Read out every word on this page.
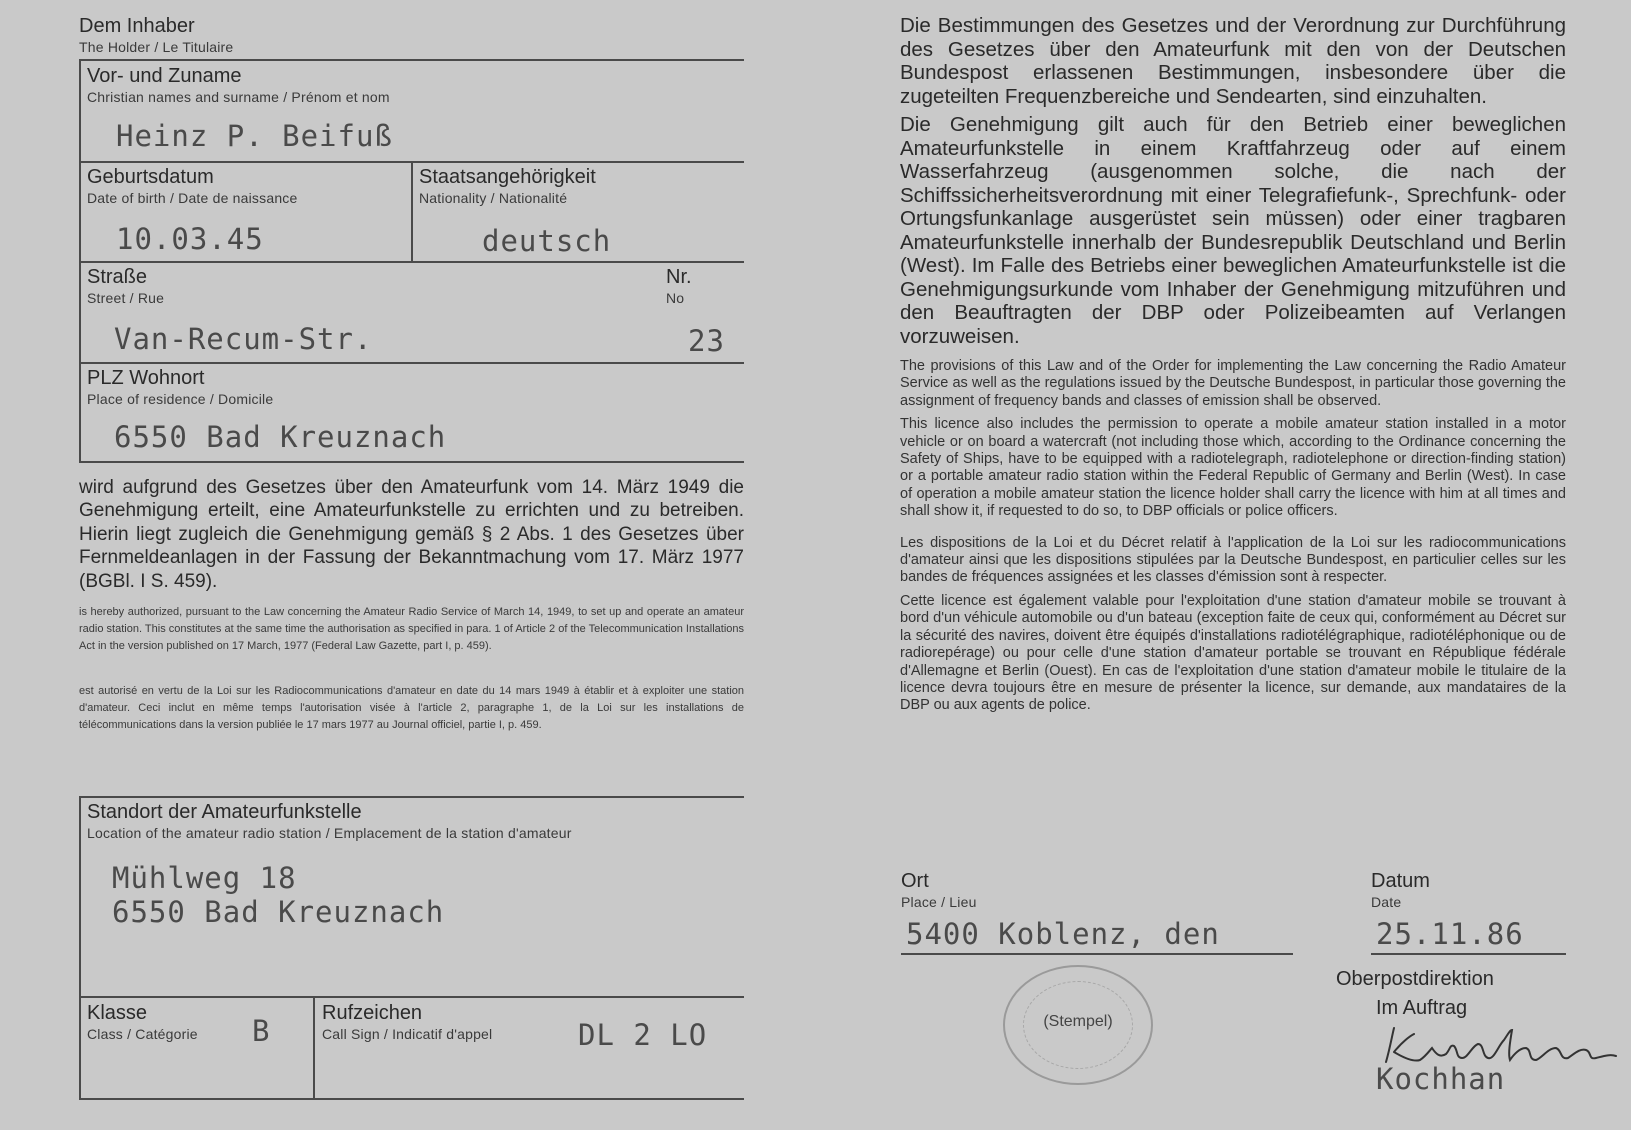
Dem Inhaber
The Holder / Le Titulaire
Vor- und Zuname
Christian names and surname / Prénom et nom
Heinz P. Beifuß
Geburtsdatum
Date of birth / Date de naissance
10.03.45
Staatsangehörigkeit
Nationality / Nationalité
deutsch
Straße
Street / Rue
Van-Recum-Str.
Nr.
No
23
PLZ Wohnort
Place of residence / Domicile
6550 Bad Kreuznach
wird aufgrund des Gesetzes über den Amateurfunk vom 14. März 1949 die Genehmigung erteilt, eine Amateurfunkstelle zu errichten und zu betreiben. Hierin liegt zugleich die Genehmigung gemäß § 2 Abs. 1 des Gesetzes über Fernmeldeanlagen in der Fassung der Bekanntmachung vom 17. März 1977 (BGBl. I S. 459).
is hereby authorized, pursuant to the Law concerning the Amateur Radio Service of March 14, 1949, to set up and operate an amateur radio station. This constitutes at the same time the authorisation as specified in para. 1 of Article 2 of the Telecommunication Installations Act in the version published on 17 March, 1977 (Federal Law Gazette, part I, p. 459).
est autorisé en vertu de la Loi sur les Radiocommunications d'amateur en date du 14 mars 1949 à établir et à exploiter une station d'amateur. Ceci inclut en même temps l'autorisation visée à l'article 2, paragraphe 1, de la Loi sur les installations de télécommunications dans la version publiée le 17 mars 1977 au Journal officiel, partie I, p. 459.
Standort der Amateurfunkstelle
Location of the amateur radio station / Emplacement de la station d'amateur
Mühlweg 18
6550 Bad Kreuznach
Klasse
Class / Catégorie B
Rufzeichen
Call Sign / Indicatif d'appel	DL 2 LO

Die Bestimmungen des Gesetzes und der Verordnung zur Durchführung des Gesetzes über den Amateurfunk mit den von der Deutschen Bundespost erlassenen Bestimmungen, insbesondere über die zugeteilten Frequenzbereiche und Sendearten, sind einzuhalten.

Die Genehmigung gilt auch für den Betrieb einer beweglichen Amateurfunkstelle in einem Kraftfahrzeug oder auf einem Wasserfahrzeug (ausgenommen solche, die nach der Schiffssicherheitsverordnung mit einer Telegrafiefunk-, Sprechfunk- oder Ortungsfunkanlage ausgerüstet sein müssen) oder einer tragbaren Amateurfunkstelle innerhalb der Bundesrepublik Deutschland und Berlin (West). Im Falle des Betriebs einer beweglichen Amateurfunkstelle ist die Genehmigungsurkunde vom Inhaber der Genehmigung mitzuführen und den Beauftragten der DBP oder Polizeibeamten auf Verlangen vorzuweisen.

The provisions of this Law and of the Order for implementing the Law concerning the Radio Amateur Service as well as the regulations issued by the Deutsche Bundespost, in particular those governing the assignment of frequency bands and classes of emission shall be observed.

This licence also includes the permission to operate a mobile amateur station installed in a motor vehicle or on board a watercraft (not including those which, according to the Ordinance concerning the Safety of Ships, have to be equipped with a radiotelegraph, radiotelephone or direction-finding station) or a portable amateur radio station within the Federal Republic of Germany and Berlin (West). In case of operation a mobile amateur station the licence holder shall carry the licence with him at all times and shall show it, if requested to do so, to DBP officials or police officers.

Les dispositions de la Loi et du Décret relatif à l'application de la Loi sur les radiocommunications d'amateur ainsi que les dispositions stipulées par la Deutsche Bundespost, en particulier celles sur les bandes de fréquences assignées et les classes d'émission sont à respecter.

Cette licence est également valable pour l'exploitation d'une station d'amateur mobile se trouvant à bord d'un véhicule automobile ou d'un bateau (exception faite de ceux qui, conformément au Décret sur la sécurité des navires, doivent être équipés d'installations radiotélégraphique, radiotéléphonique ou de radiorepérage) ou pour celle d'une station d'amateur portable se trouvant en République fédérale d'Allemagne et Berlin (Ouest). En cas de l'exploitation d'une station d'amateur mobile le titulaire de la licence devra toujours être en mesure de présenter la licence, sur demande, aux mandataires de la DBP ou aux agents de police.

Ort
Place / Lieu
5400 Koblenz, den
Datum
Date
25.11.86
Oberpostdirektion
Im Auftrag
(Stempel)
Kochhan
